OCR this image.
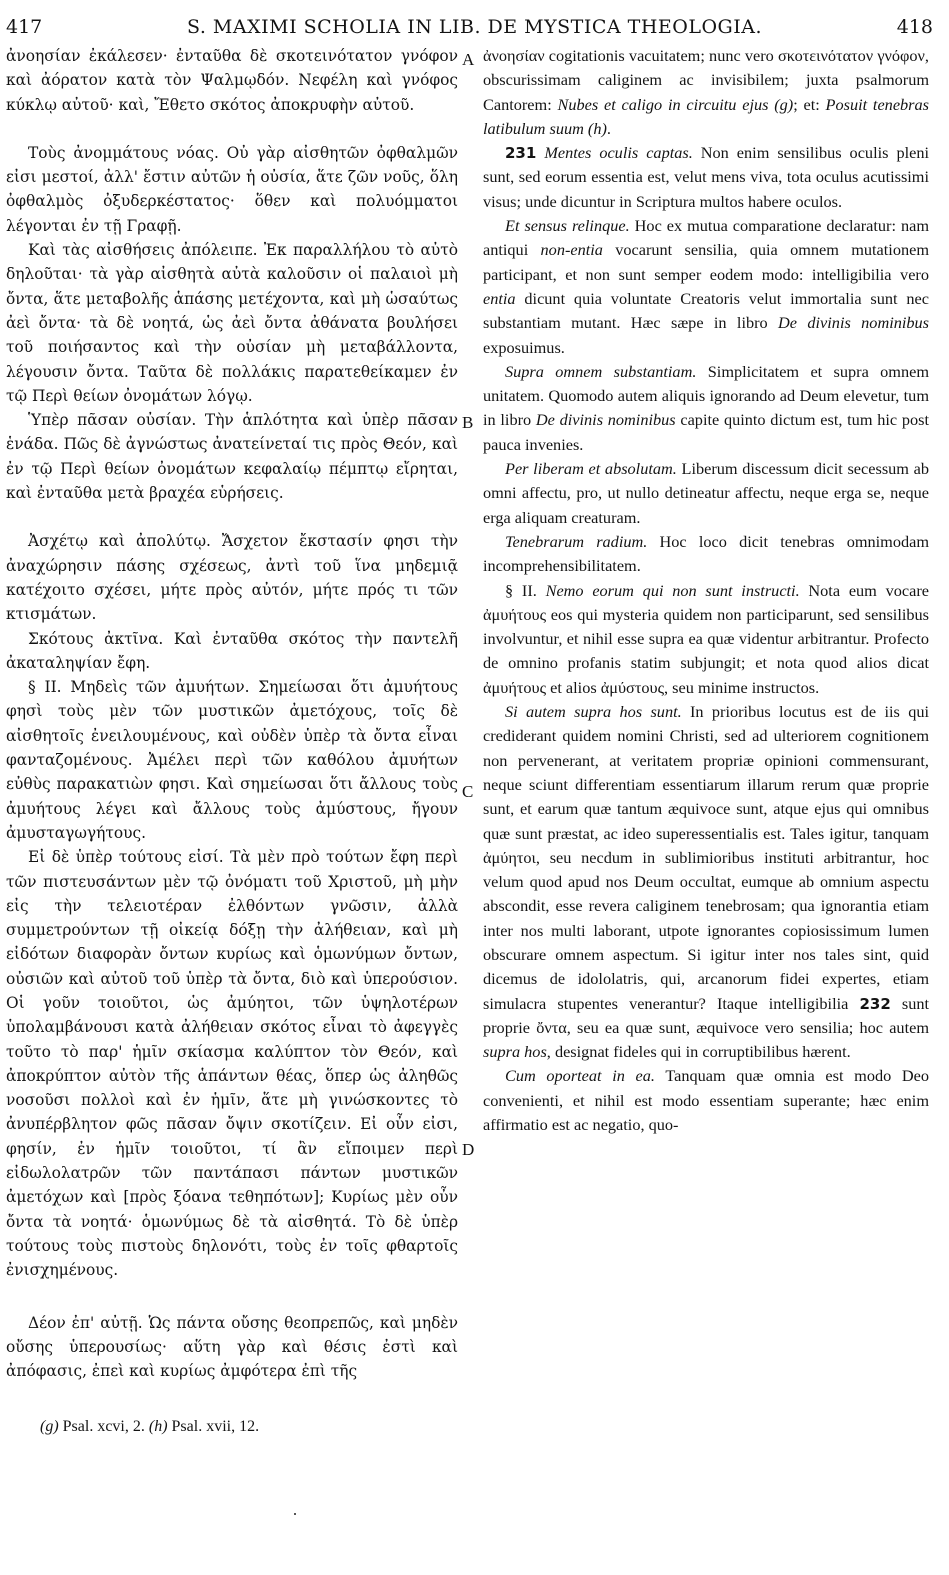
417	S. MAXIMI SCHOLIA IN LIB. DE MYSTICA THEOLOGIA.	418

ἀνοησίαν ἐκάλεσεν· ἐνταῦθα δὲ σκοτεινότατον γνόφον καὶ ἀόρατον κατὰ τὸν Ψαλμῳδόν. Νεφέλη καὶ γνόφος κύκλῳ αὐτοῦ· καὶ, Ἔθετο σκότος ἀποκρυφὴν αὐτοῦ.

Τοὺς ἀνομμάτους νόας. Οὐ γὰρ αἰσθητῶν ὀφθαλμῶν εἰσι μεστοί, ἀλλ' ἔστιν αὐτῶν ἡ οὐσία, ἅτε ζῶν νοῦς, ὅλη ὀφθαλμὸς ὀξυδερκέστατος· ὅθεν καὶ πολυόμματοι λέγονται ἐν τῇ Γραφῇ.

Καὶ τὰς αἰσθήσεις ἀπόλειπε. Ἐκ παραλλήλου τὸ αὐτὸ δηλοῦται· τὰ γὰρ αἰσθητὰ αὐτὰ καλοῦσιν οἱ παλαιοὶ μὴ ὄντα, ἅτε μεταβολῆς ἁπάσης μετέχοντα, καὶ μὴ ὡσαύτως ἀεὶ ὄντα· τὰ δὲ νοητά, ὡς ἀεὶ ὄντα ἀθάνατα βουλήσει τοῦ ποιήσαντος καὶ τὴν οὐσίαν μὴ μεταβάλλοντα, λέγουσιν ὄντα. Ταῦτα δὲ πολλάκις παρατεθείκαμεν ἐν τῷ Περὶ θείων ὀνομάτων λόγῳ.

Ὑπὲρ πᾶσαν οὐσίαν. Τὴν ἁπλότητα καὶ ὑπὲρ πᾶσαν ἑνάδα. Πῶς δὲ ἀγνώστως ἀνατείνεταί τις πρὸς Θεόν, καὶ ἐν τῷ Περὶ θείων ὀνομάτων κεφαλαίῳ πέμπτῳ εἴρηται, καὶ ἐνταῦθα μετὰ βραχέα εὑρήσεις.

Ἀσχέτῳ καὶ ἀπολύτῳ. Ἄσχετον ἔκστασίν φησι τὴν ἀναχώρησιν πάσης σχέσεως, ἀντὶ τοῦ ἵνα μηδεμιᾷ κατέχοιτο σχέσει, μήτε πρὸς αὐτόν, μήτε πρός τι τῶν κτισμάτων.

Σκότους ἀκτῖνα. Καὶ ἐνταῦθα σκότος τὴν παντελῆ ἀκαταληψίαν ἔφη.

§ II. Μηδεὶς τῶν ἀμυήτων. Σημείωσαι ὅτι ἀμυήτους φησὶ τοὺς μὲν τῶν μυστικῶν ἀμετόχους, τοῖς δὲ αἰσθητοῖς ἐνειλουμένους, καὶ οὐδὲν ὑπὲρ τὰ ὄντα εἶναι φανταζομένους. Ἀμέλει περὶ τῶν καθόλου ἀμυήτων εὐθὺς παρακατιὼν φησι. Καὶ σημείωσαι ὅτι ἄλλους τοὺς ἀμυήτους λέγει καὶ ἄλλους τοὺς ἀμύστους, ἤγουν ἀμυσταγωγήτους.

Εἰ δὲ ὑπὲρ τούτους εἰσί. Τὰ μὲν πρὸ τούτων ἔφη περὶ τῶν πιστευσάντων μὲν τῷ ὀνόματι τοῦ Χριστοῦ, μὴ μὴν εἰς τὴν τελειοτέραν ἐλθόντων γνῶσιν, ἀλλὰ συμμετρούντων τῇ οἰκείᾳ δόξῃ τὴν ἀλήθειαν, καὶ μὴ εἰδότων διαφορὰν ὄντων κυρίως καὶ ὁμωνύμων ὄντων, οὐσιῶν καὶ αὐτοῦ τοῦ ὑπὲρ τὰ ὄντα, διὸ καὶ ὑπερούσιον. Οἱ γοῦν τοιοῦτοι, ὡς ἀμύητοι, τῶν ὑψηλοτέρων ὑπολαμβάνουσι κατὰ ἀλήθειαν σκότος εἶναι τὸ ἀφεγγὲς τοῦτο τὸ παρ' ἡμῖν σκίασμα καλύπτον τὸν Θεόν, καὶ ἀποκρύπτον αὐτὸν τῆς ἁπάντων θέας, ὅπερ ὡς ἀληθῶς νοσοῦσι πολλοὶ καὶ ἐν ἡμῖν, ἅτε μὴ γινώσκοντες τὸ ἀνυπέρβλητον φῶς πᾶσαν ὄψιν σκοτίζειν. Εἰ οὖν εἰσι, φησίν, ἐν ἡμῖν τοιοῦτοι, τί ἂν εἴποιμεν περὶ εἰδωλολατρῶν τῶν παντάπασι πάντων μυστικῶν ἀμετόχων καὶ [πρὸς ξόανα τεθηπότων]; Κυρίως μὲν οὖν ὄντα τὰ νοητά· ὁμωνύμως δὲ τὰ αἰσθητά. Τὸ δὲ ὑπὲρ τούτους τοὺς πιστοὺς δηλονότι, τοὺς ἐν τοῖς φθαρτοῖς ἐνισχημένους.

Δέον ἐπ' αὐτῇ. Ὡς πάντα οὔσης θεοπρεπῶς, καὶ μηδὲν οὔσης ὑπερουσίως· αὕτη γὰρ καὶ θέσις ἐστὶ καὶ ἀπόφασις, ἐπεὶ καὶ κυρίως ἀμφότερα ἐπὶ τῆς

A
B
C
D

ἀνοησίαν cogitationis vacuitatem; nunc vero σκοτεινότατον γνόφον, obscurissimam caliginem ac invisibilem; juxta psalmorum Cantorem: Nubes et caligo in circuitu ejus (g); et: Posuit tenebras latibulum suum (h).

231 Mentes oculis captas. Non enim sensilibus oculis pleni sunt, sed eorum essentia est, velut mens viva, tota oculus acutissimi visus; unde dicuntur in Scriptura multos habere oculos.

Et sensus relinque. Hoc ex mutua comparatione declaratur: nam antiqui non-entia vocarunt sensilia, quia omnem mutationem participant, et non sunt semper eodem modo: intelligibilia vero entia dicunt quia voluntate Creatoris velut immortalia sunt nec substantiam mutant. Hæc sæpe in libro De divinis nominibus exposuimus.

Supra omnem substantiam. Simplicitatem et supra omnem unitatem. Quomodo autem aliquis ignorando ad Deum elevetur, tum in libro De divinis nominibus capite quinto dictum est, tum hic post pauca invenies.

Per liberam et absolutam. Liberum discessum dicit secessum ab omni affectu, pro, ut nullo detineatur affectu, neque erga se, neque erga aliquam creaturam.

Tenebrarum radium. Hoc loco dicit tenebras omnimodam incomprehensibilitatem.

§ II. Nemo eorum qui non sunt instructi. Nota eum vocare ἀμυήτους eos qui mysteria quidem non participarunt, sed sensilibus involvuntur, et nihil esse supra ea quæ videntur arbitrantur. Profecto de omnino profanis statim subjungit; et nota quod alios dicat ἀμυήτους et alios ἀμύστους, seu minime instructos.

Si autem supra hos sunt. In prioribus locutus est de iis qui crediderant quidem nomini Christi, sed ad ulteriorem cognitionem non pervenerant, at veritatem propriæ opinioni commensurant, neque sciunt differentiam essentiarum illarum rerum quæ proprie sunt, et earum quæ tantum æquivoce sunt, atque ejus qui omnibus quæ sunt præstat, ac ideo superessentialis est. Tales igitur, tanquam ἀμύητοι, seu necdum in sublimioribus instituti arbitrantur, hoc velum quod apud nos Deum occultat, eumque ab omnium aspectu abscondit, esse revera caliginem tenebrosam; qua ignorantia etiam inter nos multi laborant, utpote ignorantes copiosissimum lumen obscurare omnem aspectum. Si igitur inter nos tales sint, quid dicemus de idololatris, qui, arcanorum fidei expertes, etiam simulacra stupentes venerantur? Itaque intelligibilia 232 sunt proprie ὄντα, seu ea quæ sunt, æquivoce vero sensilia; hoc autem supra hos, designat fideles qui in corruptibilibus hærent.

Cum oporteat in ea. Tanquam quæ omnia est modo Deo convenienti, et nihil est modo essentiam superante; hæc enim affirmatio est ac negatio, quo-

(g) Psal. xcvi, 2. (h) Psal. xvii, 12.
